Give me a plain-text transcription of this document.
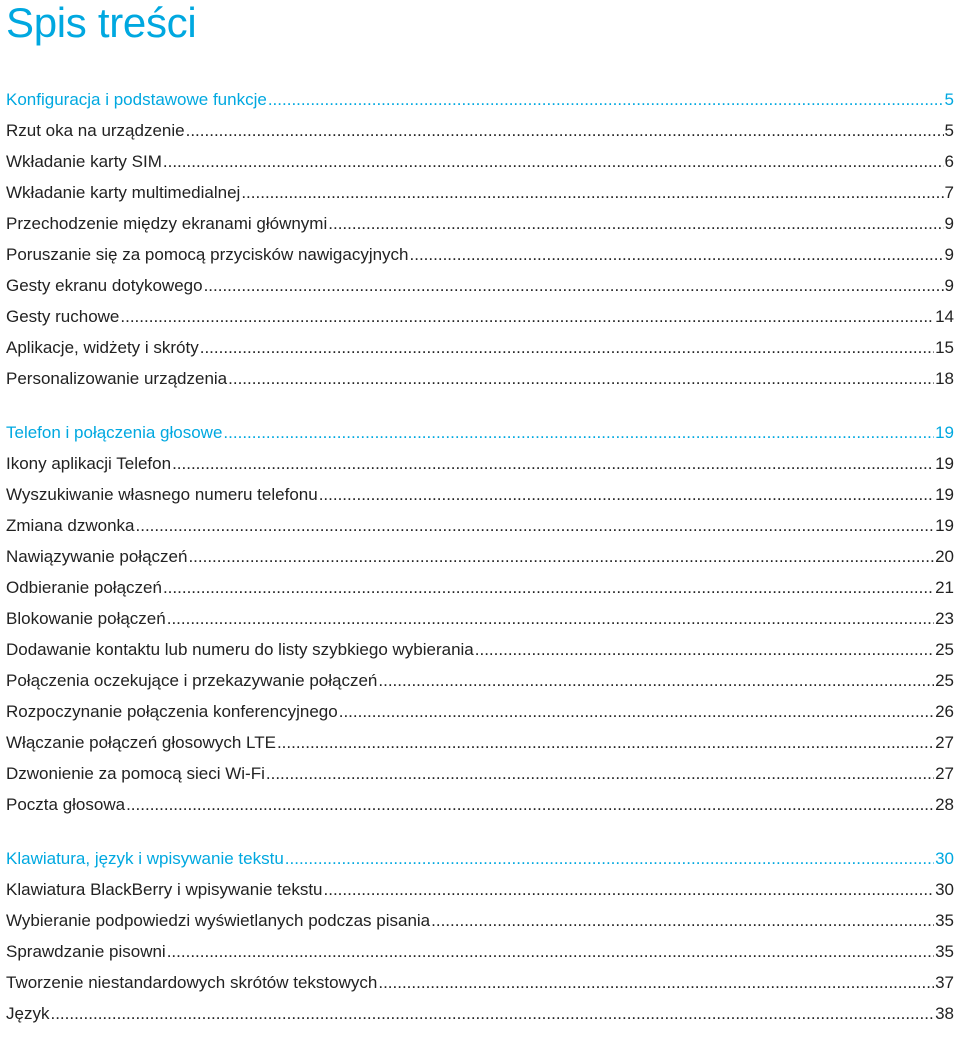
Spis treści
Konfiguracja i podstawowe funkcje .....	5
Rzut oka na urządzenie .....	5
Wkładanie karty SIM .....	6
Wkładanie karty multimedialnej .....	7
Przechodzenie między ekranami głównymi .....	9
Poruszanie się za pomocą przycisków nawigacyjnych .....	9
Gesty ekranu dotykowego .....	9
Gesty ruchowe .....	14
Aplikacje, widżety i skróty .....	15
Personalizowanie urządzenia .....	18
Telefon i połączenia głosowe .....	19
Ikony aplikacji Telefon .....	19
Wyszukiwanie własnego numeru telefonu .....	19
Zmiana dzwonka .....	19
Nawiązywanie połączeń .....	20
Odbieranie połączeń .....	21
Blokowanie połączeń .....	23
Dodawanie kontaktu lub numeru do listy szybkiego wybierania .....	25
Połączenia oczekujące i przekazywanie połączeń .....	25
Rozpoczynanie połączenia konferencyjnego .....	26
Włączanie połączeń głosowych LTE .....	27
Dzwonienie za pomocą sieci Wi-Fi .....	27
Poczta głosowa .....	28
Klawiatura, język i wpisywanie tekstu .....	30
Klawiatura BlackBerry i wpisywanie tekstu .....	30
Wybieranie podpowiedzi wyświetlanych podczas pisania .....	35
Sprawdzanie pisowni .....	35
Tworzenie niestandardowych skrótów tekstowych .....	37
Język .....	38
